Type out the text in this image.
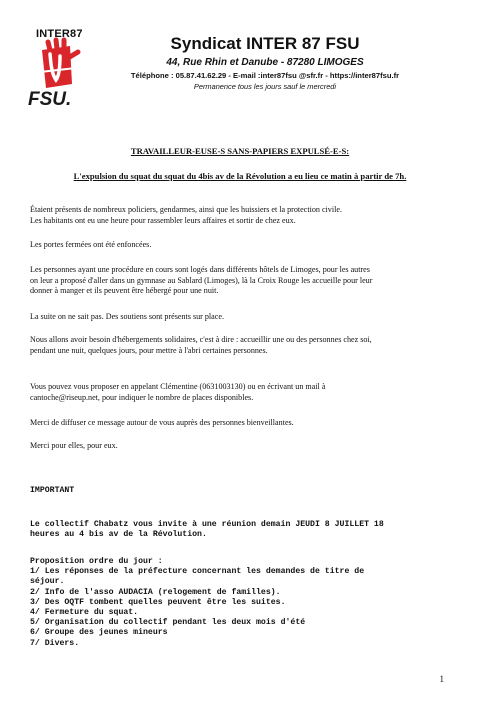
INTER87
FSU.
Syndicat INTER 87 FSU
44, Rue Rhin et Danube - 87280 LIMOGES
Téléphone : 05.87.41.62.29 - E-mail :inter87fsu @sfr.fr - https://inter87fsu.fr
Permanence tous les jours sauf le mercredi
TRAVAILLEUR-EUSE-S SANS-PAPIERS EXPULSÉ-E-S:
L'expulsion du squat du squat du 4bis av de la Révolution a eu lieu ce matin à partir de 7h.
Étaient présents de nombreux policiers, gendarmes, ainsi que les huissiers et la protection civile.
Les habitants ont eu une heure pour rassembler leurs affaires et sortir de chez eux.
Les portes fermées ont été enfoncées.
Les personnes ayant une procédure en cours sont logés dans différents hôtels de Limoges, pour les autres
on leur a proposé d'aller dans un gymnase au Sablard (Limoges), là la Croix Rouge les accueille pour leur
donner à manger et ils peuvent être hébergé pour une nuit.
La suite on ne sait pas. Des soutiens sont présents sur place.
Nous allons avoir besoin d'hébergements solidaires, c'est à dire : accueillir une ou des personnes chez soi,
pendant une nuit, quelques jours, pour mettre à l'abri certaines personnes.
Vous pouvez vous proposer en appelant Clémentine (0631003130) ou en écrivant un mail à
cantoche@riseup.net, pour indiquer le nombre de places disponibles.
Merci de diffuser ce message autour de vous auprès des personnes bienveillantes.
Merci pour elles, pour eux.
IMPORTANT
Le collectif Chabatz vous invite à une réunion demain JEUDI 8 JUILLET 18
heures au 4 bis av de la Révolution.
Proposition ordre du jour :
1/ Les réponses de la préfecture concernant les demandes de titre de
séjour.
2/ Info de l'asso AUDACIA (relogement de familles).
3/ Des OQTF tombent quelles peuvent être les suites.
4/ Fermeture du squat.
5/ Organisation du collectif pendant les deux mois d'été
6/ Groupe des jeunes mineurs
7/ Divers.
1
